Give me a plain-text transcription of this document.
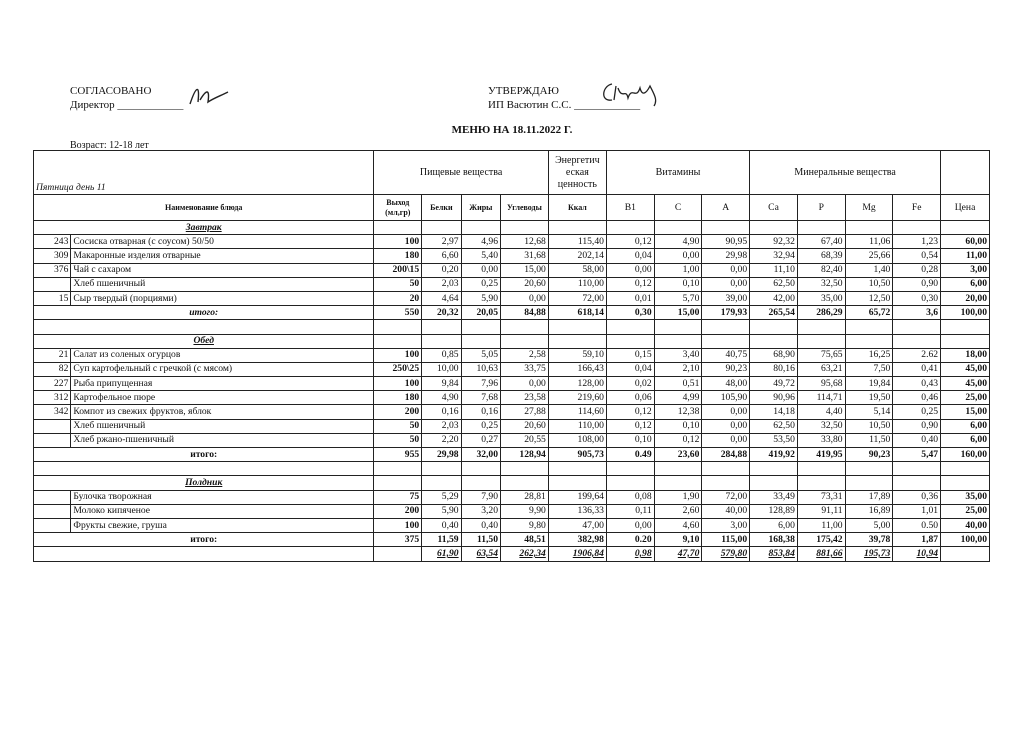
СОГЛАСОВАНО
Директор ____________
УТВЕРЖДАЮ
ИП Васютин С.С. ____________
МЕНЮ НА 18.11.2022 Г.
Возраст: 12-18 лет
Пятница день 11		Пищевые вещества				Энергетич еская ценность	Витамины			Минеральные вещества				
Наименование блюда		Выход (мл,гр)	Белки	Жиры	Углеводы	Ккал	B1	C	A	Ca	P	Mg	Fe	Цена
Завтрак														
243	Сосиска отварная (с соусом) 50/50	100	2,97	4,96	12,68	115,40	0,12	4,90	90,95	92,32	67,40	11,06	1,23	60,00
309	Макаронные изделия отварные	180	6,60	5,40	31,68	202,14	0,04	0,00	29,98	32,94	68,39	25,66	0,54	11,00
376	Чай с сахаром	200\15	0,20	0,00	15,00	58,00	0,00	1,00	0,00	11,10	82,40	1,40	0,28	3,00
	Хлеб пшеничный	50	2,03	0,25	20,60	110,00	0,12	0,10	0,00	62,50	32,50	10,50	0,90	6,00
15	Сыр твердый (порциями)	20	4,64	5,90	0,00	72,00	0,01	5,70	39,00	42,00	35,00	12,50	0,30	20,00
итого:		550	20,32	20,05	84,88	618,14	0,30	15,00	179,93	265,54	286,29	65,72	3,6	100,00

Обед														
21	Салат из соленых огурцов	100	0,85	5,05	2,58	59,10	0,15	3,40	40,75	68,90	75,65	16,25	2.62	18,00
82	Суп картофельный с гречкой (с мясом)	250\25	10,00	10,63	33,75	166,43	0,04	2,10	90,23	80,16	63,21	7,50	0,41	45,00
227	Рыба припущенная	100	9,84	7,96	0,00	128,00	0,02	0,51	48,00	49,72	95,68	19,84	0,43	45,00
312	Картофельное пюре	180	4,90	7,68	23,58	219,60	0,06	4,99	105,90	90,96	114,71	19,50	0,46	25,00
342	Компот из свежих фруктов, яблок	200	0,16	0,16	27,88	114,60	0,12	12,38	0,00	14,18	4,40	5,14	0,25	15,00
	Хлеб пшеничный	50	2,03	0,25	20,60	110,00	0,12	0,10	0,00	62,50	32,50	10,50	0,90	6,00
	Хлеб ржано-пшеничный	50	2,20	0,27	20,55	108,00	0,10	0,12	0,00	53,50	33,80	11,50	0,40	6,00
итого:		955	29,98	32,00	128,94	905,73	0.49	23,60	284,88	419,92	419,95	90,23	5,47	160,00

Полдник														
	Булочка творожная	75	5,29	7,90	28,81	199,64	0,08	1,90	72,00	33,49	73,31	17,89	0,36	35,00
	Молоко кипяченое	200	5,90	3,20	9,90	136,33	0,11	2,60	40,00	128,89	91,11	16,89	1,01	25,00
	Фрукты свежие, груша	100	0,40	0,40	9,80	47,00	0,00	4,60	3,00	6,00	11,00	5,00	0.50	40,00
итого:		375	11,59	11,50	48,51	382,98	0.20	9,10	115,00	168,38	175,42	39,78	1,87	100,00
			61,90	63,54	262,34	1906,84	0,98	47,70	579,80	853,84	881,66	195,73	10,94	
